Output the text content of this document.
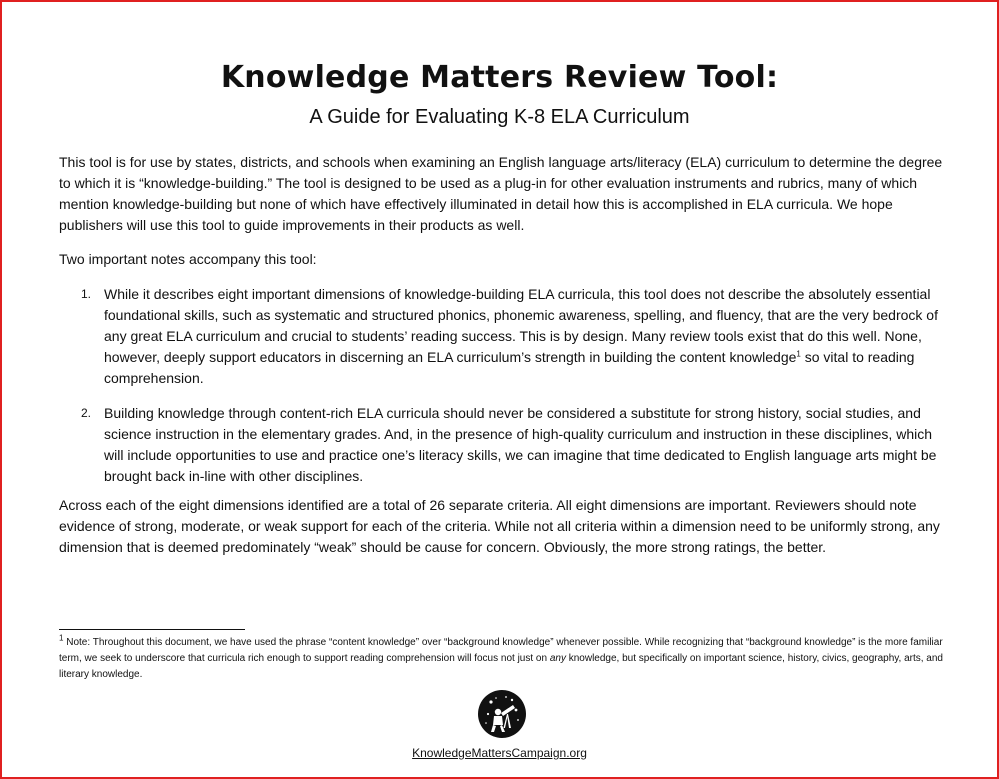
Knowledge Matters Review Tool:
A Guide for Evaluating K-8 ELA Curriculum
This tool is for use by states, districts, and schools when examining an English language arts/literacy (ELA) curriculum to determine the degree to which it is “knowledge-building.” The tool is designed to be used as a plug-in for other evaluation instruments and rubrics, many of which mention knowledge-building but none of which have effectively illuminated in detail how this is accomplished in ELA curricula. We hope publishers will use this tool to guide improvements in their products as well.
Two important notes accompany this tool:
1. While it describes eight important dimensions of knowledge-building ELA curricula, this tool does not describe the absolutely essential foundational skills, such as systematic and structured phonics, phonemic awareness, spelling, and fluency, that are the very bedrock of any great ELA curriculum and crucial to students’ reading success. This is by design. Many review tools exist that do this well. None, however, deeply support educators in discerning an ELA curriculum’s strength in building the content knowledge$^1$ so vital to reading comprehension.
2. Building knowledge through content-rich ELA curricula should never be considered a substitute for strong history, social studies, and science instruction in the elementary grades. And, in the presence of high-quality curriculum and instruction in these disciplines, which will include opportunities to use and practice one’s literacy skills, we can imagine that time dedicated to English language arts might be brought back in-line with other disciplines.
Across each of the eight dimensions identified are a total of 26 separate criteria. All eight dimensions are important. Reviewers should note evidence of strong, moderate, or weak support for each of the criteria. While not all criteria within a dimension need to be uniformly strong, any dimension that is deemed predominately “weak” should be cause for concern. Obviously, the more strong ratings, the better.
$^1$ Note: Throughout this document, we have used the phrase “content knowledge” over “background knowledge” whenever possible. While recognizing that “background knowledge” is the more familiar term, we seek to underscore that curricula rich enough to support reading comprehension will focus not just on any knowledge, but specifically on important science, history, civics, geography, arts, and literary knowledge.
KnowledgeMattersCampaign.org
